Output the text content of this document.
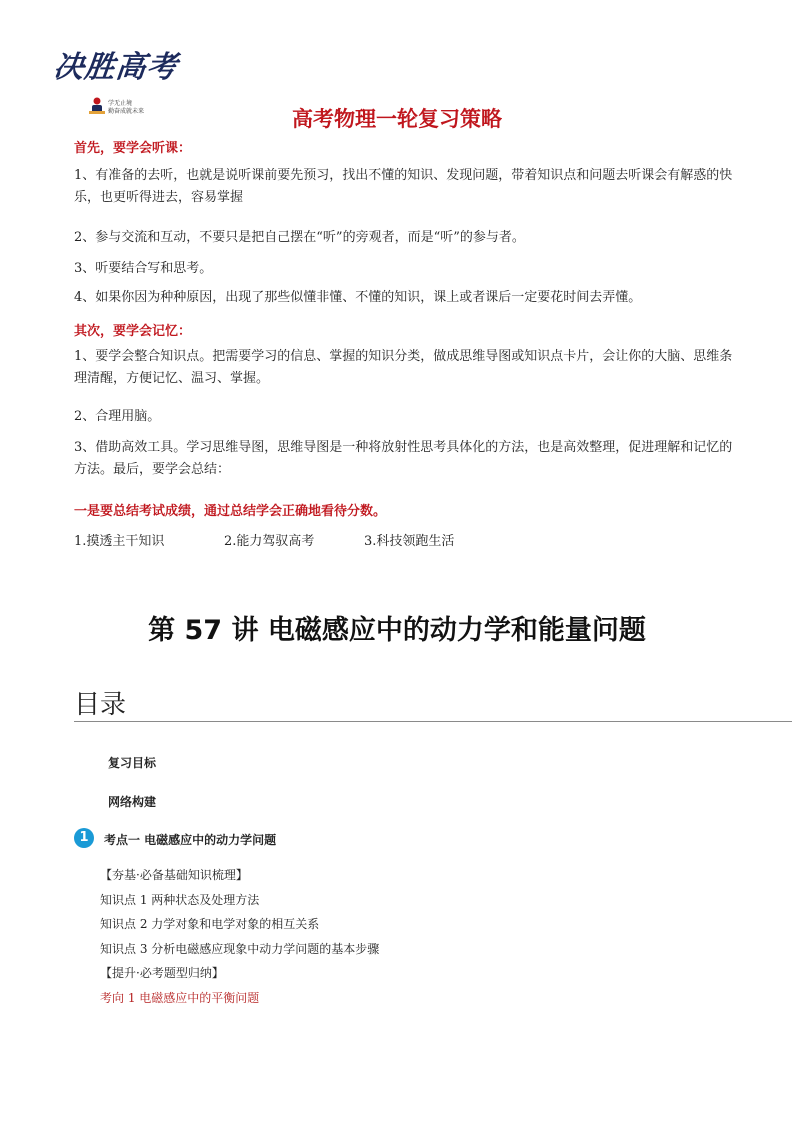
决胜高考
学无止境
勤奋成就未来	高考物理一轮复习策略
首先，要学会听课：
1、有准备的去听，也就是说听课前要先预习，找出不懂的知识、发现问题，带着知识点和问题去听课会有解惑的快乐，也更听得进去，容易掌握
2、参与交流和互动，不要只是把自己摆在“听”的旁观者，而是“听”的参与者。
3、听要结合写和思考。
4、如果你因为种种原因，出现了那些似懂非懂、不懂的知识，课上或者课后一定要花时间去弄懂。
其次，要学会记忆：
1、要学会整合知识点。把需要学习的信息、掌握的知识分类，做成思维导图或知识点卡片，会让你的大脑、思维条理清醒，方便记忆、温习、掌握。
2、合理用脑。
3、借助高效工具。学习思维导图，思维导图是一种将放射性思考具体化的方法，也是高效整理，促进理解和记忆的方法。最后，要学会总结：
一是要总结考试成绩，通过总结学会正确地看待分数。
1.摸透主干知识	2.能力驾驭高考	3.科技领跑生活
第 57 讲 电磁感应中的动力学和能量问题
目录
复习目标
网络构建
1	考点一 电磁感应中的动力学问题
【夯基·必备基础知识梳理】
知识点 1 两种状态及处理方法
知识点 2 力学对象和电学对象的相互关系
知识点 3 分析电磁感应现象中动力学问题的基本步骤
【提升·必考题型归纳】
考向 1 电磁感应中的平衡问题
